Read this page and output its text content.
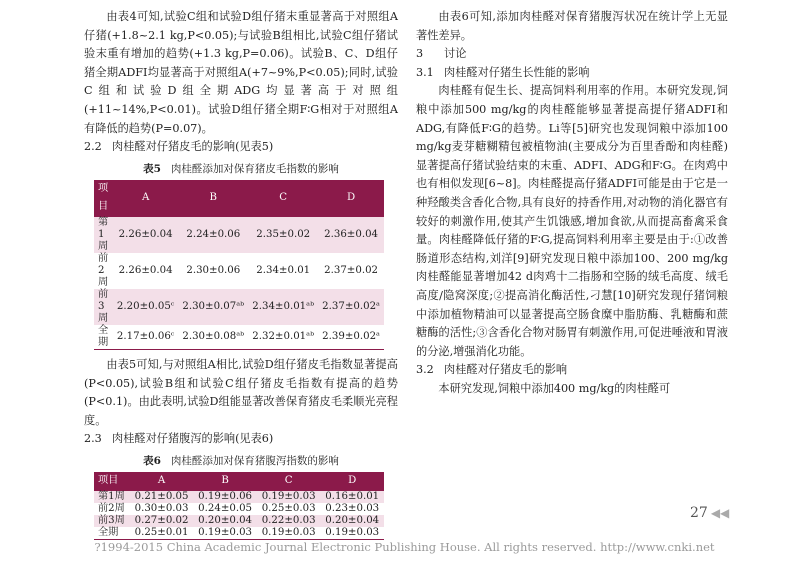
由表4可知,试验C组和试验D组仔猪末重显著高于对照组A仔猪(+1.8~2.1 kg,P<0.05);与试验B组相比,试验C组仔猪试验末重有增加的趋势(+1.3 kg,P=0.06)。试验B、C、D组仔猪全期ADFI均显著高于对照组A(+7~9%,P<0.05);同时,试验C组和试验D组全期ADG均显著高于对照组(+11~14%,P<0.01)。试验D组仔猪全期F∶G相对于对照组A有降低的趋势(P=0.07)。

2.2 肉桂醛对仔猪皮毛的影响(见表5)

表5 肉桂醛添加对保育猪皮毛指数的影响
项目	A	B	C	D
第1周	2.26±0.04	2.24±0.06	2.35±0.02	2.36±0.04
前2周	2.26±0.04	2.30±0.06	2.34±0.01	2.37±0.02
前3周	2.20±0.05ᶜ	2.30±0.07ᵃᵇ	2.34±0.01ᵃᵇ	2.37±0.02ᵃ
全期	2.17±0.06ᶜ	2.30±0.08ᵃᵇ	2.32±0.01ᵃᵇ	2.39±0.02ᵃ

由表5可知,与对照组A相比,试验D组仔猪皮毛指数显著提高(P<0.05),试验B组和试验C组仔猪皮毛指数有提高的趋势(P<0.1)。由此表明,试验D组能显著改善保育猪皮毛柔顺光亮程度。

2.3 肉桂醛对仔猪腹泻的影响(见表6)

表6 肉桂醛添加对保育猪腹泻指数的影响
项目	A	B	C	D
第1周	0.21±0.05	0.19±0.06	0.19±0.03	0.16±0.01
前2周	0.30±0.03	0.24±0.05	0.25±0.03	0.23±0.03
前3周	0.27±0.02	0.20±0.04	0.22±0.03	0.20±0.04
全期	0.25±0.01	0.19±0.03	0.19±0.03	0.19±0.03

由表6可知,添加肉桂醛对保育猪腹泻状况在统计学上无显著性差异。

3 讨论

3.1 肉桂醛对仔猪生长性能的影响

肉桂醛有促生长、提高饲料利用率的作用。本研究发现,饲粮中添加500 mg/kg的肉桂醛能够显著提高提仔猪ADFI和ADG,有降低F∶G的趋势。Li等[5]研究也发现饲粮中添加100 mg/kg麦芽糖糊精包被植物油(主要成分为百里香酚和肉桂醛)显著提高仔猪试验结束的末重、ADFI、ADG和F∶G。在肉鸡中也有相似发现[6~8]。肉桂醛提高仔猪ADFI可能是由于它是一种羟酸类含香化合物,具有良好的持香作用,对动物的消化器官有较好的刺激作用,使其产生饥饿感,增加食欲,从而提高畜禽采食量。肉桂醛降低仔猪的F∶G,提高饲料利用率主要是由于:①改善肠道形态结构,刘洋[9]研究发现日粮中添加100、200 mg/kg肉桂醛能显著增加42 d肉鸡十二指肠和空肠的绒毛高度、绒毛高度/隐窝深度;②提高消化酶活性,刁慧[10]研究发现仔猪饲粮中添加植物精油可以显著提高空肠食糜中脂肪酶、乳糖酶和蔗糖酶的活性;③含香化合物对肠胃有刺激作用,可促进唾液和胃液的分泌,增强消化功能。

3.2 肉桂醛对仔猪皮毛的影响

本研究发现,饲粮中添加400 mg/kg的肉桂醛可

27 ◀◀
?1994-2015 China Academic Journal Electronic Publishing House. All rights reserved. http://www.cnki.net
